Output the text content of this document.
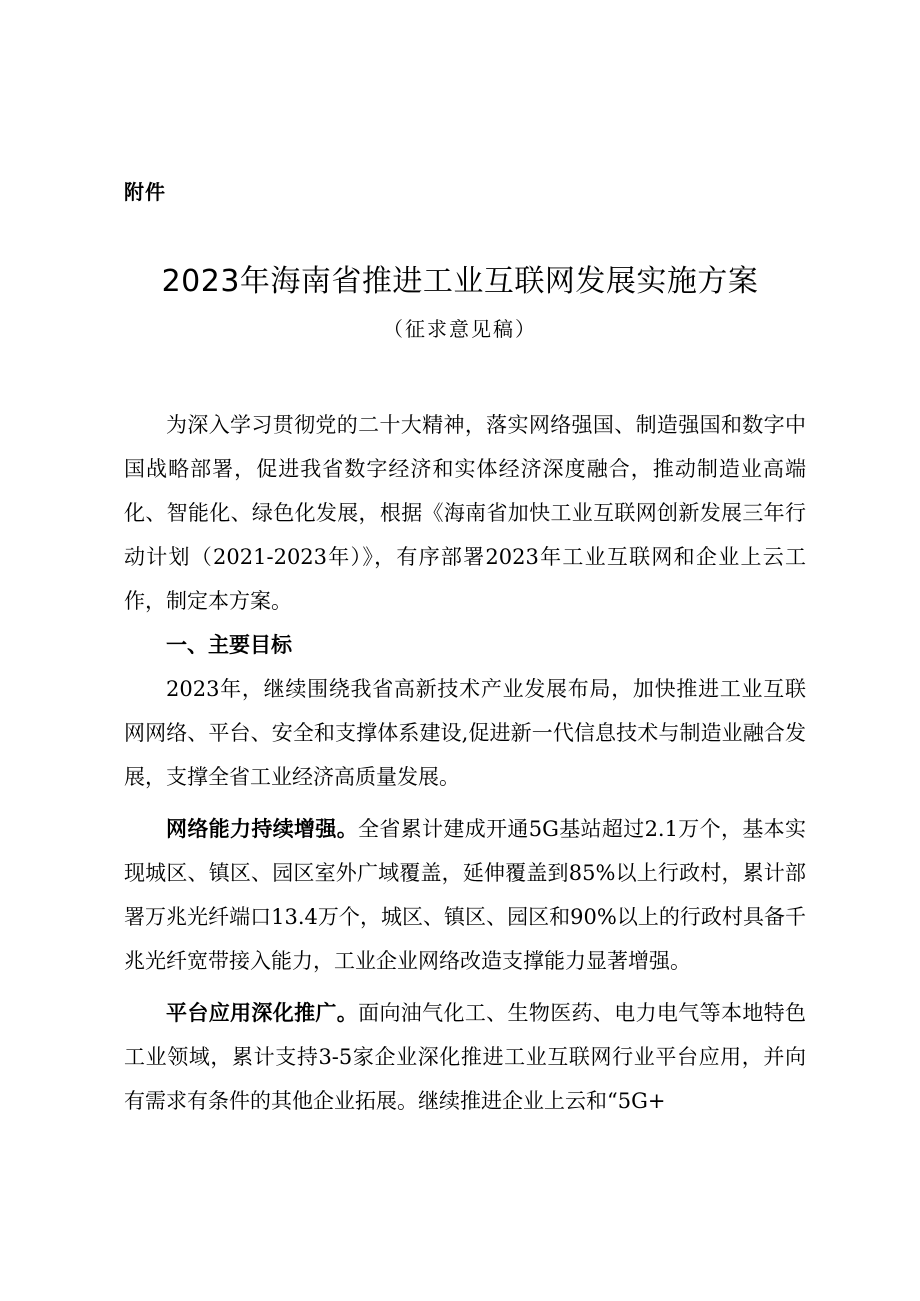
附件
2023年海南省推进工业互联网发展实施方案
（征求意见稿）

为深入学习贯彻党的二十大精神，落实网络强国、制造强国和数字中国战略部署，促进我省数字经济和实体经济深度融合，推动制造业高端化、智能化、绿色化发展，根据《海南省加快工业互联网创新发展三年行动计划（2021-2023年）》，有序部署2023年工业互联网和企业上云工作，制定本方案。

一、主要目标

2023年，继续围绕我省高新技术产业发展布局，加快推进工业互联网网络、平台、安全和支撑体系建设,促进新一代信息技术与制造业融合发展，支撑全省工业经济高质量发展。

网络能力持续增强。全省累计建成开通5G基站超过2.1万个，基本实现城区、镇区、园区室外广域覆盖，延伸覆盖到85%以上行政村，累计部署万兆光纤端口13.4万个，城区、镇区、园区和90%以上的行政村具备千兆光纤宽带接入能力，工业企业网络改造支撑能力显著增强。

平台应用深化推广。面向油气化工、生物医药、电力电气等本地特色工业领域，累计支持3-5家企业深化推进工业互联网行业平台应用，并向有需求有条件的其他企业拓展。继续推进企业上云和“5G+
